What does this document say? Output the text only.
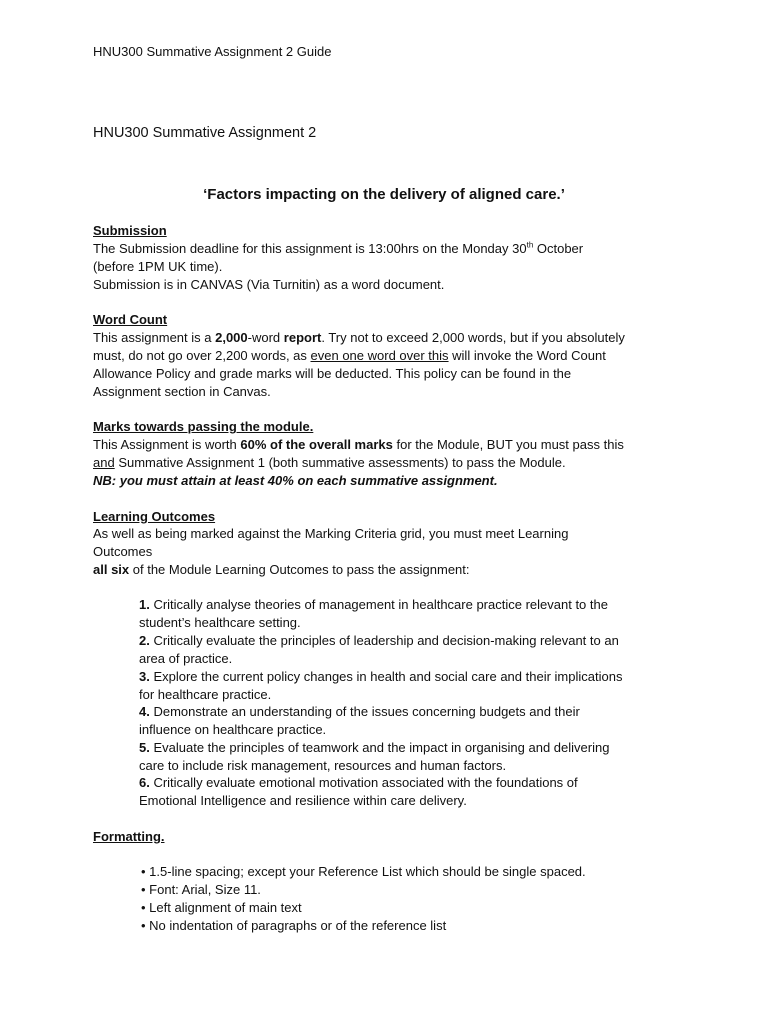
HNU300 Summative Assignment 2 Guide
HNU300 Summative Assignment 2
‘Factors impacting on the delivery of aligned care.’
Submission
The Submission deadline for this assignment is 13:00hrs on the Monday 30th October
(before 1PM UK time).
Submission is in CANVAS (Via Turnitin) as a word document.
Word Count
This assignment is a 2,000-word report. Try not to exceed 2,000 words, but if you absolutely
must, do not go over 2,200 words, as even one word over this will invoke the Word Count
Allowance Policy and grade marks will be deducted. This policy can be found in the
Assignment section in Canvas.
Marks towards passing the module.
This Assignment is worth 60% of the overall marks for the Module, BUT you must pass this
and Summative Assignment 1 (both summative assessments) to pass the Module.
NB: you must attain at least 40% on each summative assignment.
Learning Outcomes
As well as being marked against the Marking Criteria grid, you must meet Learning
Outcomes
all six of the Module Learning Outcomes to pass the assignment:
1. Critically analyse theories of management in healthcare practice relevant to the
student’s healthcare setting.
2. Critically evaluate the principles of leadership and decision-making relevant to an
area of practice.
3. Explore the current policy changes in health and social care and their implications
for healthcare practice.
4. Demonstrate an understanding of the issues concerning budgets and their
influence on healthcare practice.
5. Evaluate the principles of teamwork and the impact in organising and delivering
care to include risk management, resources and human factors.
6. Critically evaluate emotional motivation associated with the foundations of
Emotional Intelligence and resilience within care delivery.
Formatting.
• 1.5-line spacing; except your Reference List which should be single spaced.
• Font: Arial, Size 11.
• Left alignment of main text
• No indentation of paragraphs or of the reference list
